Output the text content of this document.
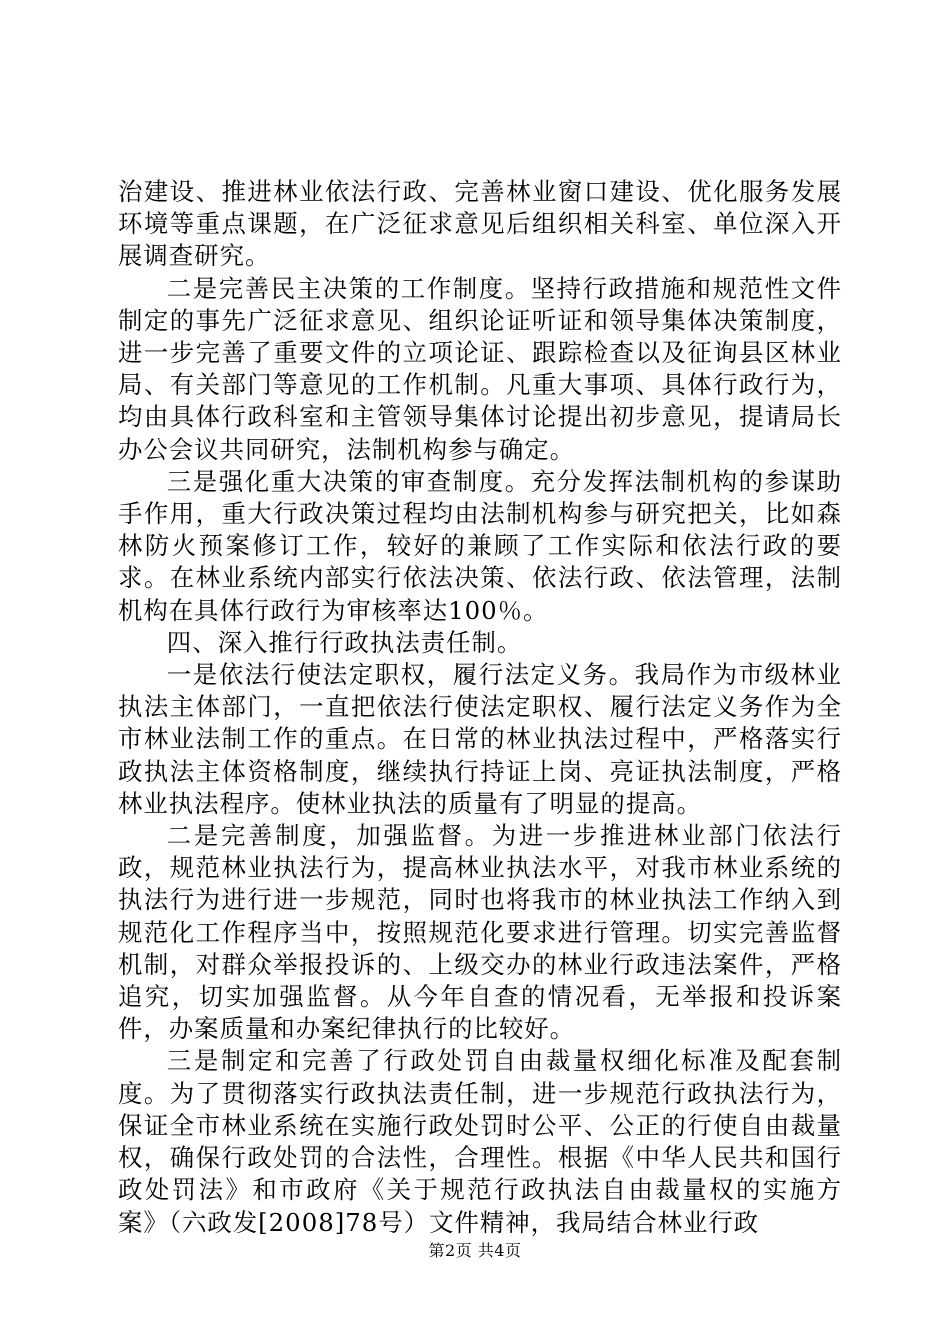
治建设、推进林业依法行政、完善林业窗口建设、优化服务发展环境等重点课题，在广泛征求意见后组织相关科室、单位深入开展调查研究。

二是完善民主决策的工作制度。坚持行政措施和规范性文件制定的事先广泛征求意见、组织论证听证和领导集体决策制度，进一步完善了重要文件的立项论证、跟踪检查以及征询县区林业局、有关部门等意见的工作机制。凡重大事项、具体行政行为，均由具体行政科室和主管领导集体讨论提出初步意见，提请局长办公会议共同研究，法制机构参与确定。

三是强化重大决策的审查制度。充分发挥法制机构的参谋助手作用，重大行政决策过程均由法制机构参与研究把关，比如森林防火预案修订工作，较好的兼顾了工作实际和依法行政的要求。在林业系统内部实行依法决策、依法行政、依法管理，法制机构在具体行政行为审核率达100％。

四、深入推行行政执法责任制。

一是依法行使法定职权，履行法定义务。我局作为市级林业执法主体部门，一直把依法行使法定职权、履行法定义务作为全市林业法制工作的重点。在日常的林业执法过程中，严格落实行政执法主体资格制度，继续执行持证上岗、亮证执法制度，严格林业执法程序。使林业执法的质量有了明显的提高。

二是完善制度，加强监督。为进一步推进林业部门依法行政，规范林业执法行为，提高林业执法水平，对我市林业系统的执法行为进行进一步规范，同时也将我市的林业执法工作纳入到规范化工作程序当中，按照规范化要求进行管理。切实完善监督机制，对群众举报投诉的、上级交办的林业行政违法案件，严格追究，切实加强监督。从今年自查的情况看，无举报和投诉案件，办案质量和办案纪律执行的比较好。

三是制定和完善了行政处罚自由裁量权细化标准及配套制度。为了贯彻落实行政执法责任制，进一步规范行政执法行为，保证全市林业系统在实施行政处罚时公平、公正的行使自由裁量权，确保行政处罚的合法性，合理性。根据《中华人民共和国行政处罚法》和市政府《关于规范行政执法自由裁量权的实施方案》（六政发[2008]78号）文件精神，我局结合林业行政

第2页 共4页
